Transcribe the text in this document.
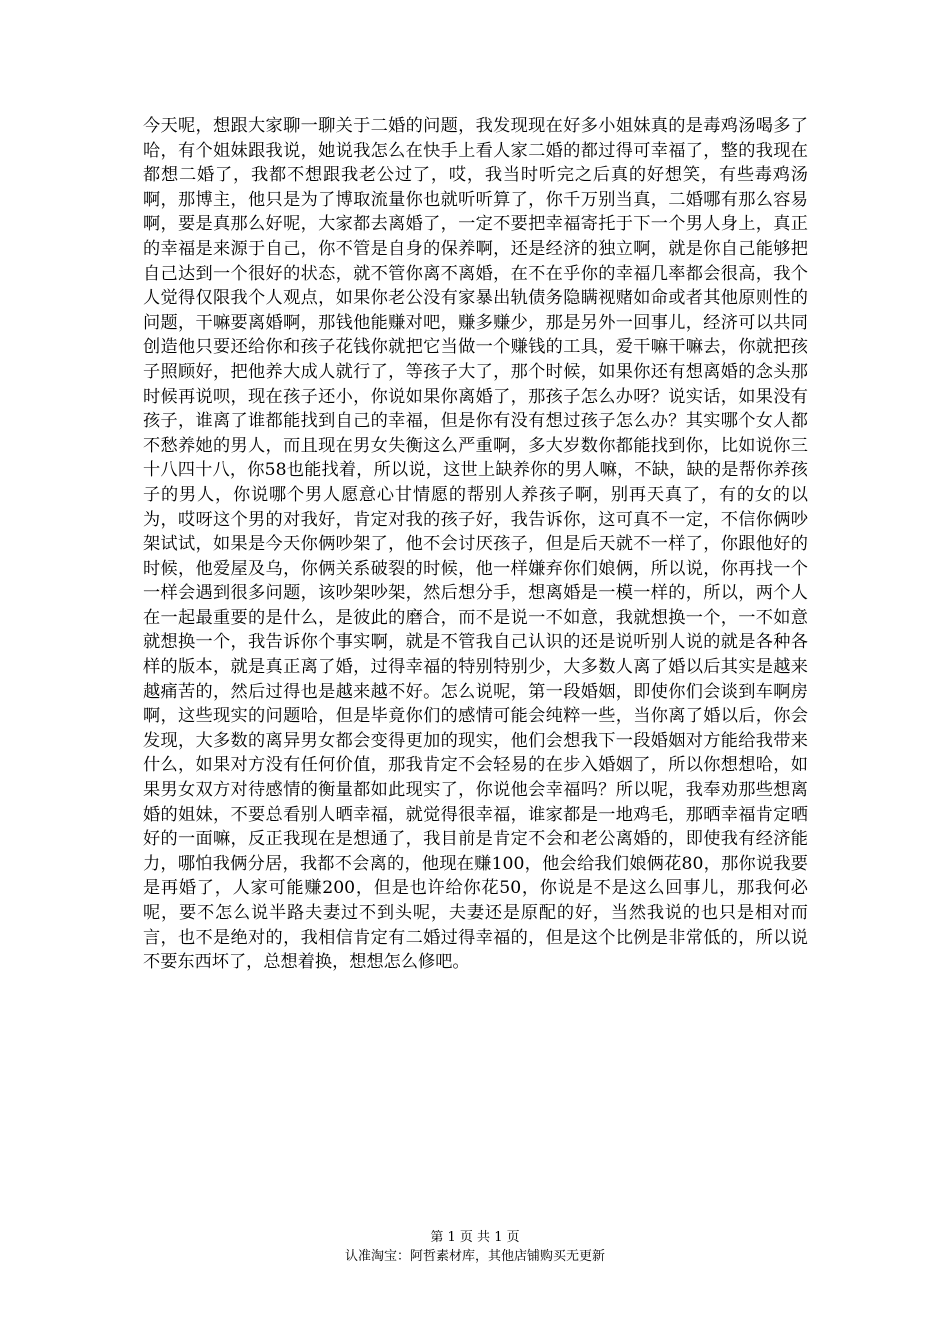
今天呢，想跟大家聊一聊关于二婚的问题，我发现现在好多小姐妹真的是毒鸡汤喝多了哈，有个姐妹跟我说，她说我怎么在快手上看人家二婚的都过得可幸福了，整的我现在都想二婚了，我都不想跟我老公过了，哎，我当时听完之后真的好想笑，有些毒鸡汤啊，那博主，他只是为了博取流量你也就听听算了，你千万别当真，二婚哪有那么容易啊，要是真那么好呢，大家都去离婚了，一定不要把幸福寄托于下一个男人身上，真正的幸福是来源于自己，你不管是自身的保养啊，还是经济的独立啊，就是你自己能够把自己达到一个很好的状态，就不管你离不离婚，在不在乎你的幸福几率都会很高，我个人觉得仅限我个人观点，如果你老公没有家暴出轨债务隐瞒视赌如命或者其他原则性的问题，干嘛要离婚啊，那钱他能赚对吧，赚多赚少，那是另外一回事儿，经济可以共同创造他只要还给你和孩子花钱你就把它当做一个赚钱的工具，爱干嘛干嘛去，你就把孩子照顾好，把他养大成人就行了，等孩子大了，那个时候，如果你还有想离婚的念头那时候再说呗，现在孩子还小，你说如果你离婚了，那孩子怎么办呀？说实话，如果没有孩子，谁离了谁都能找到自己的幸福，但是你有没有想过孩子怎么办？其实哪个女人都不愁养她的男人，而且现在男女失衡这么严重啊，多大岁数你都能找到你，比如说你三十八四十八，你58也能找着，所以说，这世上缺养你的男人嘛，不缺，缺的是帮你养孩子的男人，你说哪个男人愿意心甘情愿的帮别人养孩子啊，别再天真了，有的女的以为，哎呀这个男的对我好，肯定对我的孩子好，我告诉你，这可真不一定，不信你俩吵架试试，如果是今天你俩吵架了，他不会讨厌孩子，但是后天就不一样了，你跟他好的时候，他爱屋及乌，你俩关系破裂的时候，他一样嫌弃你们娘俩，所以说，你再找一个一样会遇到很多问题，该吵架吵架，然后想分手，想离婚是一模一样的，所以，两个人在一起最重要的是什么，是彼此的磨合，而不是说一不如意，我就想换一个，一不如意就想换一个，我告诉你个事实啊，就是不管我自己认识的还是说听别人说的就是各种各样的版本，就是真正离了婚，过得幸福的特别特别少，大多数人离了婚以后其实是越来越痛苦的，然后过得也是越来越不好。怎么说呢，第一段婚姻，即使你们会谈到车啊房啊，这些现实的问题哈，但是毕竟你们的感情可能会纯粹一些，当你离了婚以后，你会发现，大多数的离异男女都会变得更加的现实，他们会想我下一段婚姻对方能给我带来什么，如果对方没有任何价值，那我肯定不会轻易的在步入婚姻了，所以你想想哈，如果男女双方对待感情的衡量都如此现实了，你说他会幸福吗？所以呢，我奉劝那些想离婚的姐妹，不要总看别人晒幸福，就觉得很幸福，谁家都是一地鸡毛，那晒幸福肯定晒好的一面嘛，反正我现在是想通了，我目前是肯定不会和老公离婚的，即使我有经济能力，哪怕我俩分居，我都不会离的，他现在赚100，他会给我们娘俩花80，那你说我要是再婚了，人家可能赚200，但是也许给你花50，你说是不是这么回事儿，那我何必呢，要不怎么说半路夫妻过不到头呢，夫妻还是原配的好，当然我说的也只是相对而言，也不是绝对的，我相信肯定有二婚过得幸福的，但是这个比例是非常低的，所以说不要东西坏了，总想着换，想想怎么修吧。

第 1 页 共 1 页
认准淘宝：阿哲素材库，其他店铺购买无更新
